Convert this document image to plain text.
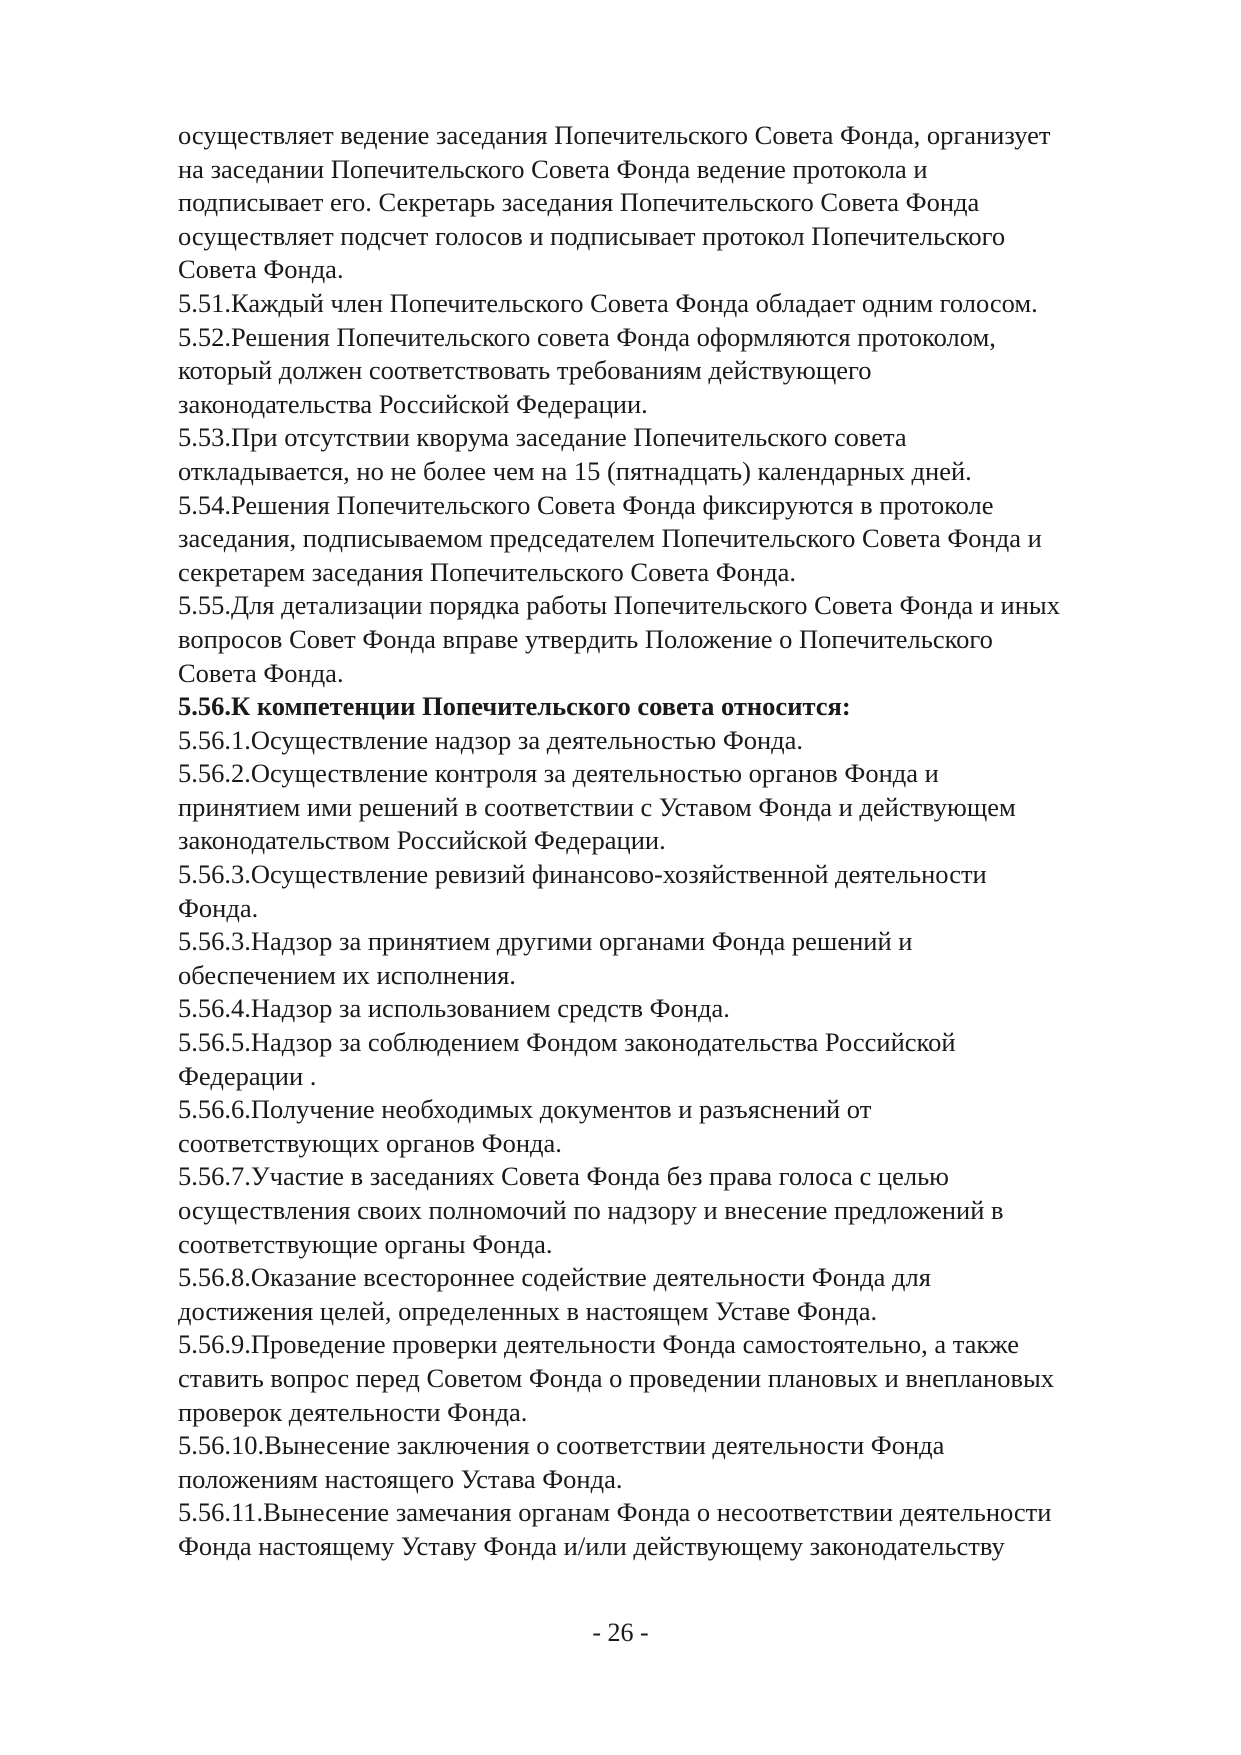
осуществляет ведение заседания Попечительского Совета Фонда, организует
на заседании Попечительского Совета Фонда ведение протокола и
подписывает его. Секретарь заседания Попечительского Совета Фонда
осуществляет подсчет голосов и подписывает протокол Попечительского
Совета Фонда.
5.51.Каждый член Попечительского Совета Фонда обладает одним голосом.
5.52.Решения Попечительского совета Фонда оформляются протоколом,
который должен соответствовать требованиям действующего
законодательства Российской Федерации.
5.53.При отсутствии кворума заседание Попечительского совета
откладывается, но не более чем на 15 (пятнадцать) календарных дней.
5.54.Решения Попечительского Совета Фонда фиксируются в протоколе
заседания, подписываемом председателем Попечительского Совета Фонда и
секретарем заседания Попечительского Совета Фонда.
5.55.Для детализации порядка работы Попечительского Совета Фонда и иных
вопросов Совет Фонда вправе утвердить Положение о Попечительского
Совета Фонда.
5.56.К компетенции Попечительского совета относится:
5.56.1.Осуществление надзор за деятельностью Фонда.
5.56.2.Осуществление контроля за деятельностью органов Фонда и
принятием ими решений в соответствии с Уставом Фонда и действующем
законодательством Российской Федерации.
5.56.3.Осуществление ревизий финансово-хозяйственной деятельности
Фонда.
5.56.3.Надзор за принятием другими органами Фонда решений и
обеспечением их исполнения.
5.56.4.Надзор за использованием средств Фонда.
5.56.5.Надзор за соблюдением Фондом законодательства Российской
Федерации .
5.56.6.Получение необходимых документов и разъяснений от
соответствующих органов Фонда.
5.56.7.Участие в заседаниях Совета Фонда без права голоса с целью
осуществления своих полномочий по надзору и внесение предложений в
соответствующие органы Фонда.
5.56.8.Оказание всестороннее содействие деятельности Фонда для
достижения целей, определенных в настоящем Уставе Фонда.
5.56.9.Проведение проверки деятельности Фонда самостоятельно, а также
ставить вопрос перед Советом Фонда о проведении плановых и внеплановых
проверок деятельности Фонда.
5.56.10.Вынесение заключения о соответствии деятельности Фонда
положениям настоящего Устава Фонда.
5.56.11.Вынесение замечания органам Фонда о несоответствии деятельности
Фонда настоящему Уставу Фонда и/или действующему законодательству
- 26 -
